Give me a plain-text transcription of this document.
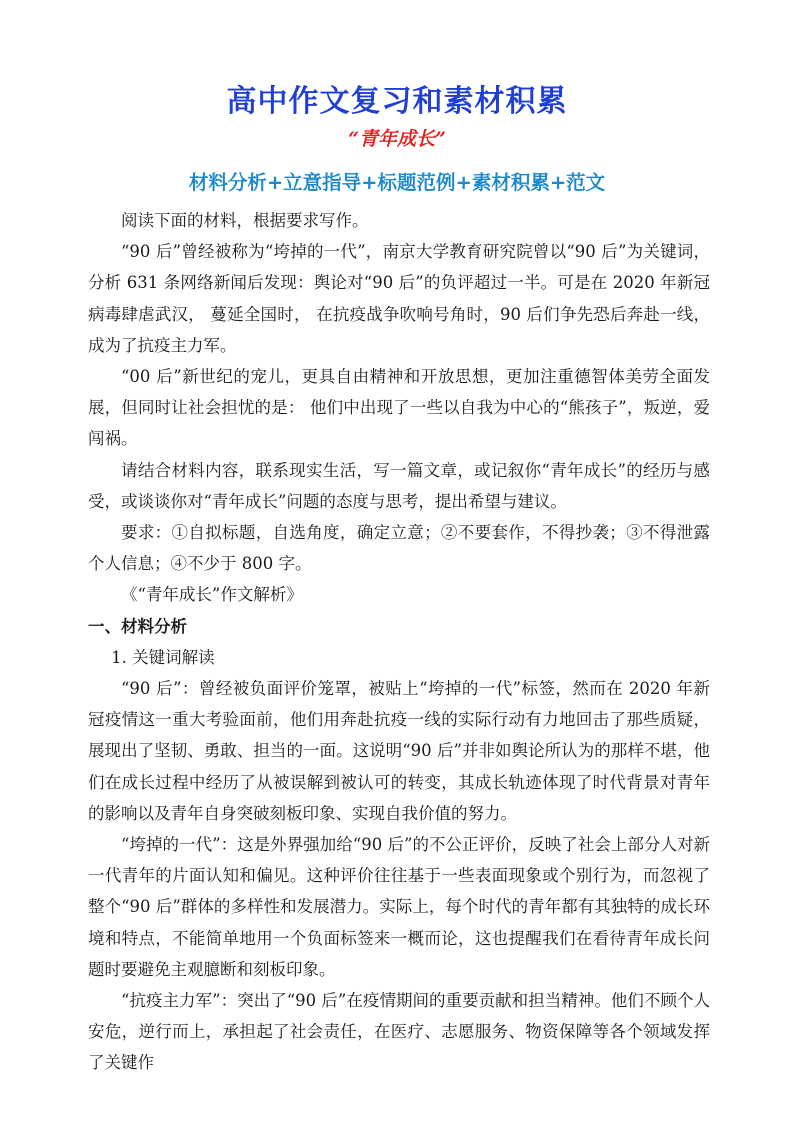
高中作文复习和素材积累
“青年成长”
材料分析+立意指导+标题范例+素材积累+范文

阅读下面的材料，根据要求写作。

“90 后”曾经被称为“垮掉的一代”，南京大学教育研究院曾以“90 后”为关键词，分析 631 条网络新闻后发现：舆论对“90 后”的负评超过一半。可是在 2020 年新冠病毒肆虐武汉， 蔓延全国时， 在抗疫战争吹响号角时，90 后们争先恐后奔赴一线，成为了抗疫主力军。

“00 后”新世纪的宠儿，更具自由精神和开放思想，更加注重德智体美劳全面发展，但同时让社会担忧的是： 他们中出现了一些以自我为中心的“熊孩子”，叛逆，爱闯祸。

请结合材料内容，联系现实生活，写一篇文章，或记叙你“青年成长”的经历与感受，或谈谈你对“青年成长”问题的态度与思考，提出希望与建议。

要求：①自拟标题，自选角度，确定立意；②不要套作，不得抄袭；③不得泄露个人信息；④不少于 800 字。

《“青年成长”作文解析》

一、材料分析

1. 关键词解读

“90 后”：曾经被负面评价笼罩，被贴上“垮掉的一代”标签，然而在 2020 年新冠疫情这一重大考验面前，他们用奔赴抗疫一线的实际行动有力地回击了那些质疑，展现出了坚韧、勇敢、担当的一面。这说明“90 后”并非如舆论所认为的那样不堪，他们在成长过程中经历了从被误解到被认可的转变，其成长轨迹体现了时代背景对青年的影响以及青年自身突破刻板印象、实现自我价值的努力。

“垮掉的一代”：这是外界强加给“90 后”的不公正评价，反映了社会上部分人对新一代青年的片面认知和偏见。这种评价往往基于一些表面现象或个别行为，而忽视了整个“90 后”群体的多样性和发展潜力。实际上，每个时代的青年都有其独特的成长环境和特点，不能简单地用一个负面标签来一概而论，这也提醒我们在看待青年成长问题时要避免主观臆断和刻板印象。

“抗疫主力军”：突出了“90 后”在疫情期间的重要贡献和担当精神。他们不顾个人安危，逆行而上，承担起了社会责任，在医疗、志愿服务、物资保障等各个领域发挥了关键作
